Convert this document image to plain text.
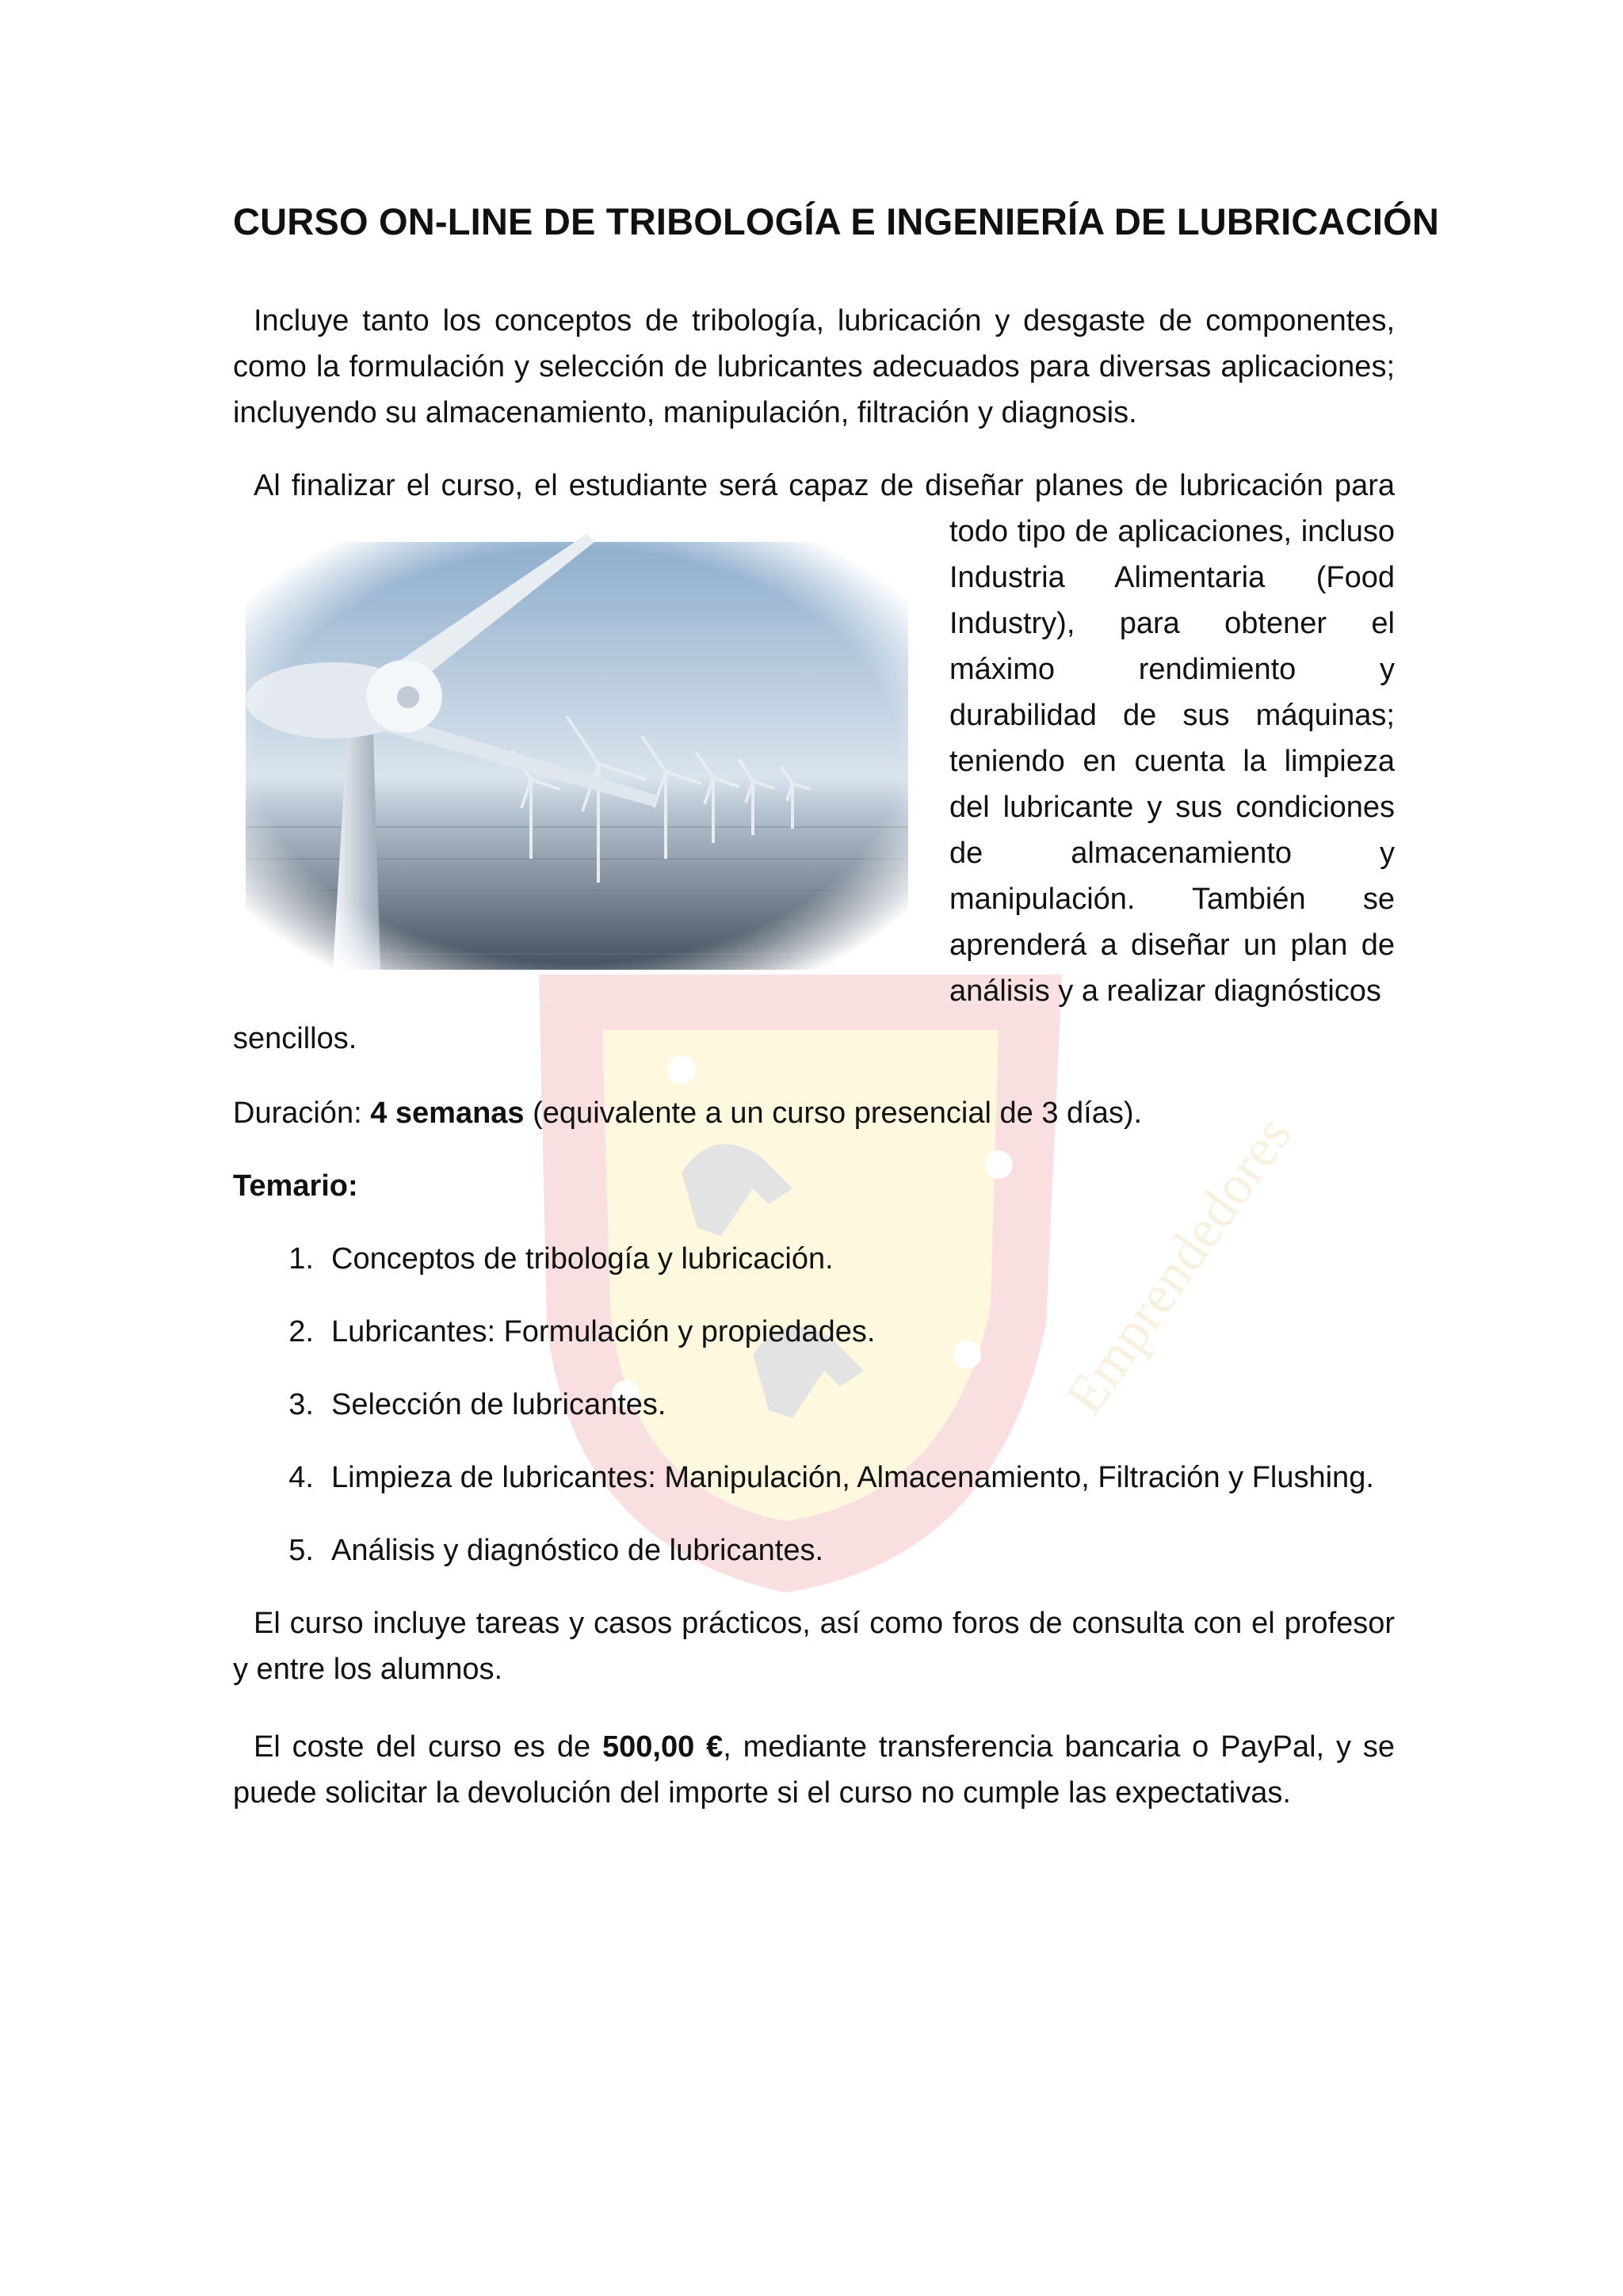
Emprendedores
CURSO ON-LINE DE TRIBOLOGÍA E INGENIERÍA DE LUBRICACIÓN

Incluye tanto los conceptos de tribología, lubricación y desgaste de componentes, como la formulación y selección de lubricantes adecuados para diversas aplicaciones; incluyendo su almacenamiento, manipulación, filtración y diagnosis.

Al finalizar el curso, el estudiante será capaz de diseñar planes de lubricación para

todo tipo de aplicaciones, incluso Industria Alimentaria (Food Industry), para obtener el máximo rendimiento y durabilidad de sus máquinas; teniendo en cuenta la limpieza del lubricante y sus condiciones de almacenamiento y manipulación. También se aprenderá a diseñar un plan de análisis y a realizar diagnósticos

sencillos.

Duración: 4 semanas (equivalente a un curso presencial de 3 días).

Temario:

1. Conceptos de tribología y lubricación.
2. Lubricantes: Formulación y propiedades.
3. Selección de lubricantes.
4. Limpieza de lubricantes: Manipulación, Almacenamiento, Filtración y Flushing.
5. Análisis y diagnóstico de lubricantes.

El curso incluye tareas y casos prácticos, así como foros de consulta con el profesor y entre los alumnos.

El coste del curso es de 500,00 €, mediante transferencia bancaria o PayPal, y se puede solicitar la devolución del importe si el curso no cumple las expectativas.
